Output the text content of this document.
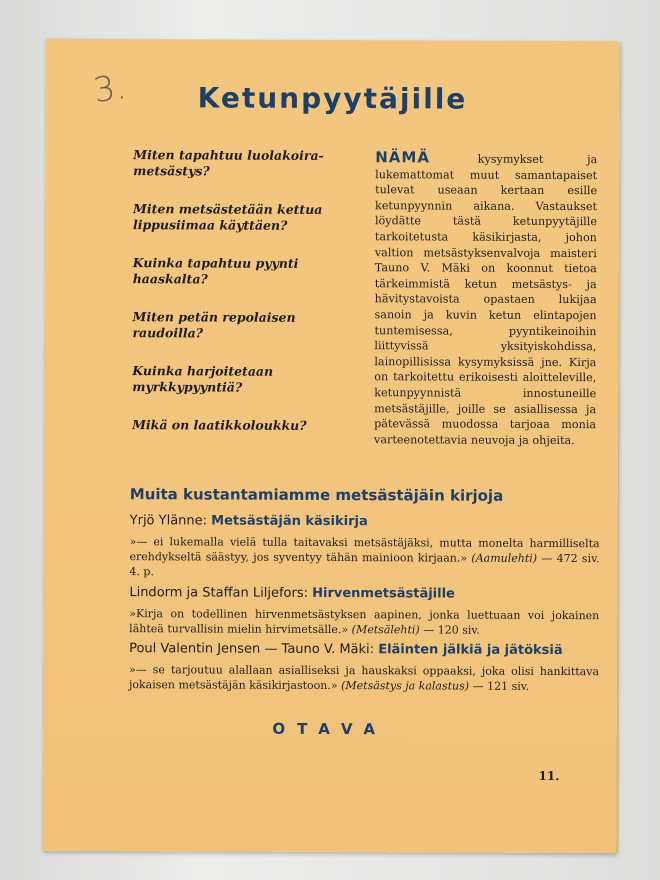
3.	Ketunpyytäjille

Miten tapahtuu luolakoira-metsästys?

Miten metsästetään kettua lippusiimaa käyttäen?

Kuinka tapahtuu pyynti haaskalta?

Miten petän repolaisen raudoilla?

Kuinka harjoitetaan myrkkypyyntiä?

Mikä on laatikkoloukku?

NÄMÄ	kysymykset ja lukemattomat muut samantapaiset tulevat useaan kertaan esille ketunpyynnin aikana. Vastaukset löydätte tästä ketunpyytäjille tarkoitetusta käsikirjasta, johon valtion metsästyksenvalvoja maisteri Tauno V. Mäki on koonnut tietoa tärkeimmistä ketun metsästys- ja hävitystavoista opastaen lukijaa sanoin ja kuvin ketun elintapojen tuntemisessa, pyyntikeinoihin liittyvissä yksityiskohdissa, lainopillisissa kysymyksissä jne. Kirja on tarkoitettu erikoisesti aloitteleville, ketunpyynnistä innostuneille metsästäjille, joille se asiallisessa ja pätevässä muodossa tarjoaa monia varteenotettavia neuvoja ja ohjeita.
Muita kustantamiamme metsästäjäin kirjoja
Yrjö Ylänne: Metsästäjän käsikirja
»— ei lukemalla vielä tulla taitavaksi metsästäjäksi, mutta monelta harmilliselta erehdykseltä säästyy, jos syventyy tähän mainioon kirjaan.» (Aamulehti) — 472 siv. 4. p.
Lindorm ja Staffan Liljefors: Hirvenmetsästäjille
»Kirja on todellinen hirvenmetsästyksen aapinen, jonka luettuaan voi jokainen lähteä turvallisin mielin hirvimetsälle.» (Metsälehti) — 120 siv.
Poul Valentin Jensen — Tauno V. Mäki: Eläinten jälkiä ja jätöksiä
»— se tarjoutuu alallaan asialliseksi ja hauskaksi oppaaksi, joka olisi hankittava jokaisen metsästäjän käsikirjastoon.» (Metsästys ja kalastus) — 121 siv.
OTAVA
11.
